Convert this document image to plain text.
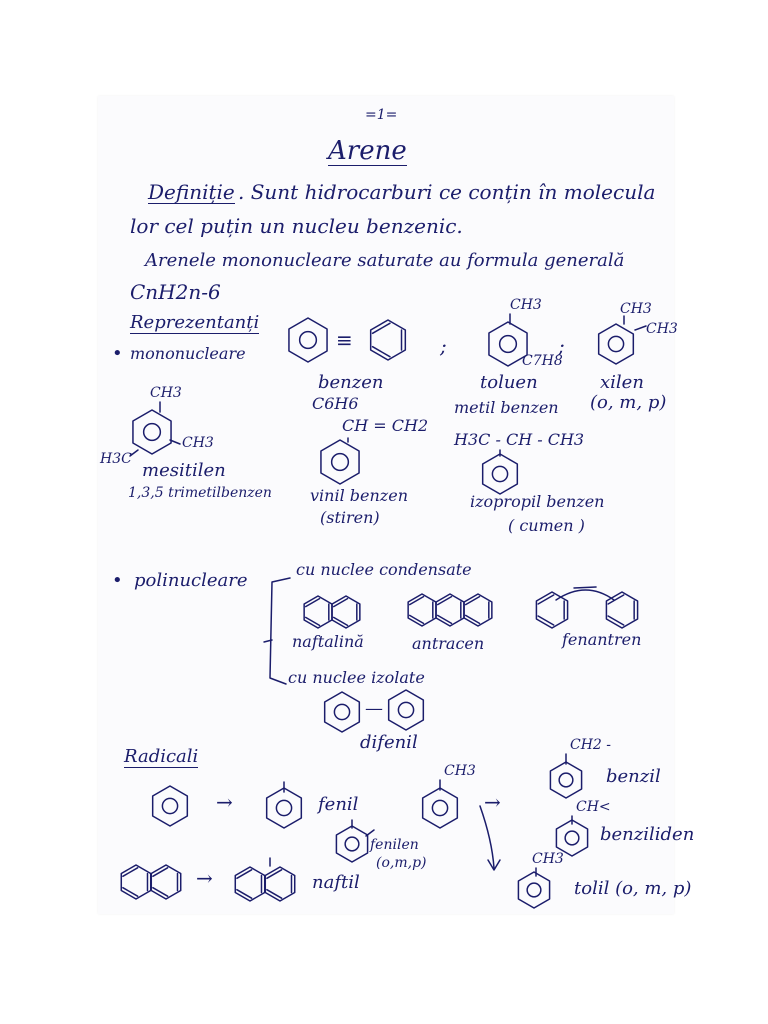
=1=
Arene
Definiție . Sunt hidrocarburi ce conțin în molecula
lor cel puțin un nucleu benzenic.
Arenele mononucleare saturate au formula generală
CnH2n-6
Reprezentanți
• mononucleare
≡	;	;
benzen
C6H6
CH3
C7H8
toluen
metil benzen
CH3
CH3
xilen
(o, m, p)
CH3
CH3
H3C
mesitilen
1,3,5 trimetilbenzen
CH = CH2
vinil benzen
(stiren)
H3C - CH - CH3
izopropil benzen
( cumen )
• polinucleare
cu nuclee condensate
naftalină	antracen	fenantren
cu nuclee izolate
—
difenil
Radicali
→	fenil
fenilen
(o,m,p)
→	naftil
CH3
→
CH2 -
benzil
CH<
benziliden
CH3
tolil (o, m, p)
